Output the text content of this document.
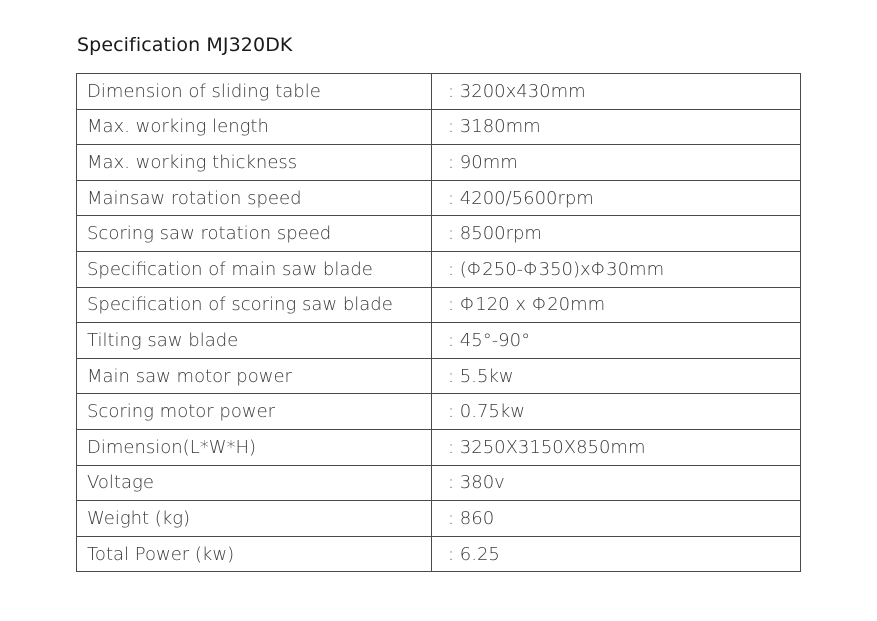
Specification MJ320DK
Dimension of sliding table	: 3200x430mm
Max. working length	: 3180mm
Max. working thickness	: 90mm
Mainsaw rotation speed	: 4200/5600rpm
Scoring saw rotation speed	: 8500rpm
Specification of main saw blade	: (Φ250-Φ350)xΦ30mm
Specification of scoring saw blade	: Φ120 x Φ20mm
Tilting saw blade	: 45°-90°
Main saw motor power	: 5.5kw
Scoring motor power	: 0.75kw
Dimension(L*W*H)	: 3250X3150X850mm
Voltage	: 380v
Weight (kg)	: 860
Total Power (kw)	: 6.25
